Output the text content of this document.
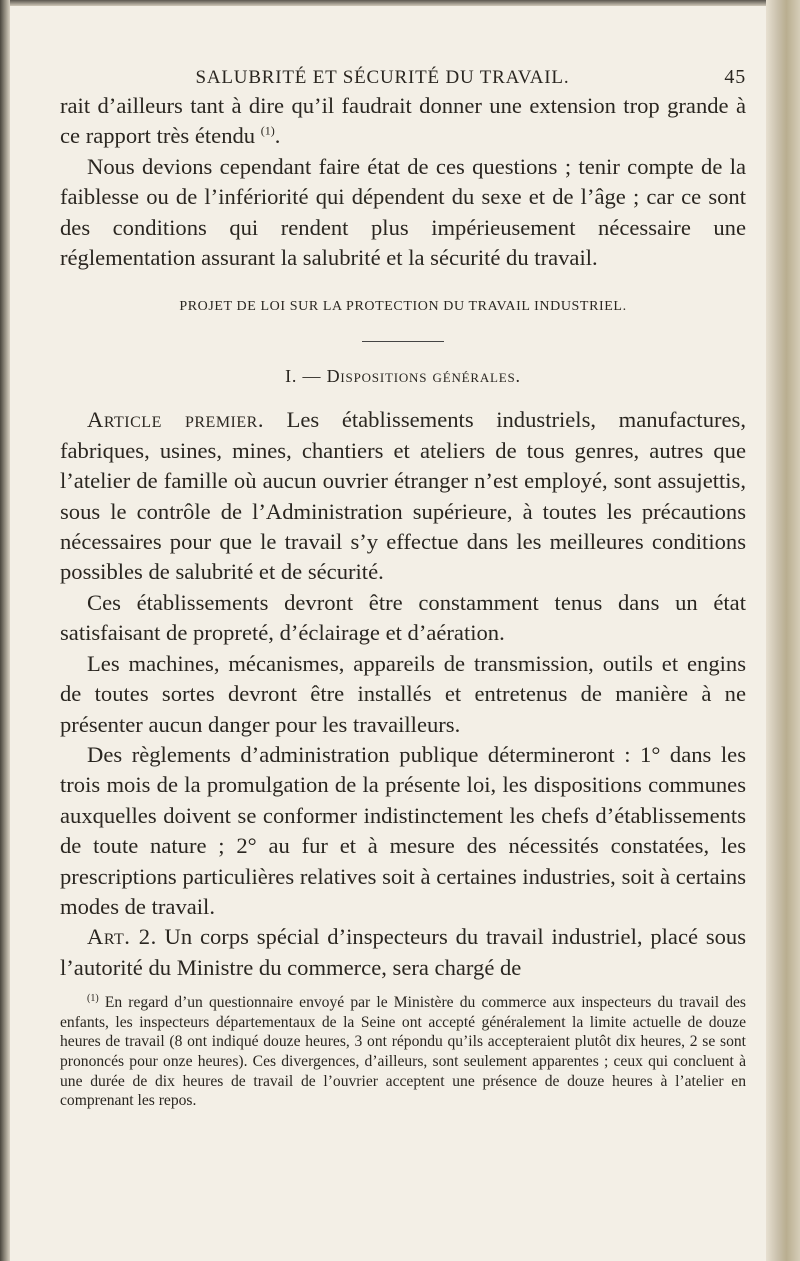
SALUBRITÉ ET SÉCURITÉ DU TRAVAIL.	45

rait d’ailleurs tant à dire qu’il faudrait donner une extension trop grande à ce rapport très étendu $^{(1)}$.

Nous devions cependant faire état de ces questions ; tenir compte de la faiblesse ou de l’infériorité qui dépendent du sexe et de l’âge ; car ce sont des conditions qui rendent plus impérieusement nécessaire une réglementation assurant la salubrité et la sécurité du travail.

PROJET DE LOI SUR LA PROTECTION DU TRAVAIL INDUSTRIEL.
I. — Dispositions générales.

Article premier. Les établissements industriels, manufactures, fabriques, usines, mines, chantiers et ateliers de tous genres, autres que l’atelier de famille où aucun ouvrier étranger n’est employé, sont assujettis, sous le contrôle de l’Administration supérieure, à toutes les précautions nécessaires pour que le travail s’y effectue dans les meilleures conditions possibles de salubrité et de sécurité.

Ces établissements devront être constamment tenus dans un état satisfaisant de propreté, d’éclairage et d’aération.

Les machines, mécanismes, appareils de transmission, outils et engins de toutes sortes devront être installés et entretenus de manière à ne présenter aucun danger pour les travailleurs.

Des règlements d’administration publique détermineront : 1° dans les trois mois de la promulgation de la présente loi, les dispositions communes auxquelles doivent se conformer indistinctement les chefs d’établissements de toute nature ; 2° au fur et à mesure des nécessités constatées, les prescriptions particulières relatives soit à certaines industries, soit à certains modes de travail.

Art. 2. Un corps spécial d’inspecteurs du travail industriel, placé sous l’autorité du Ministre du commerce, sera chargé de

$^{(1)}$ En regard d’un questionnaire envoyé par le Ministère du commerce aux inspecteurs du travail des enfants, les inspecteurs départementaux de la Seine ont accepté généralement la limite actuelle de douze heures de travail (8 ont indiqué douze heures, 3 ont répondu qu’ils accepteraient plutôt dix heures, 2 se sont prononcés pour onze heures). Ces divergences, d’ailleurs, sont seulement apparentes ; ceux qui concluent à une durée de dix heures de travail de l’ouvrier acceptent une présence de douze heures à l’atelier en comprenant les repos.
